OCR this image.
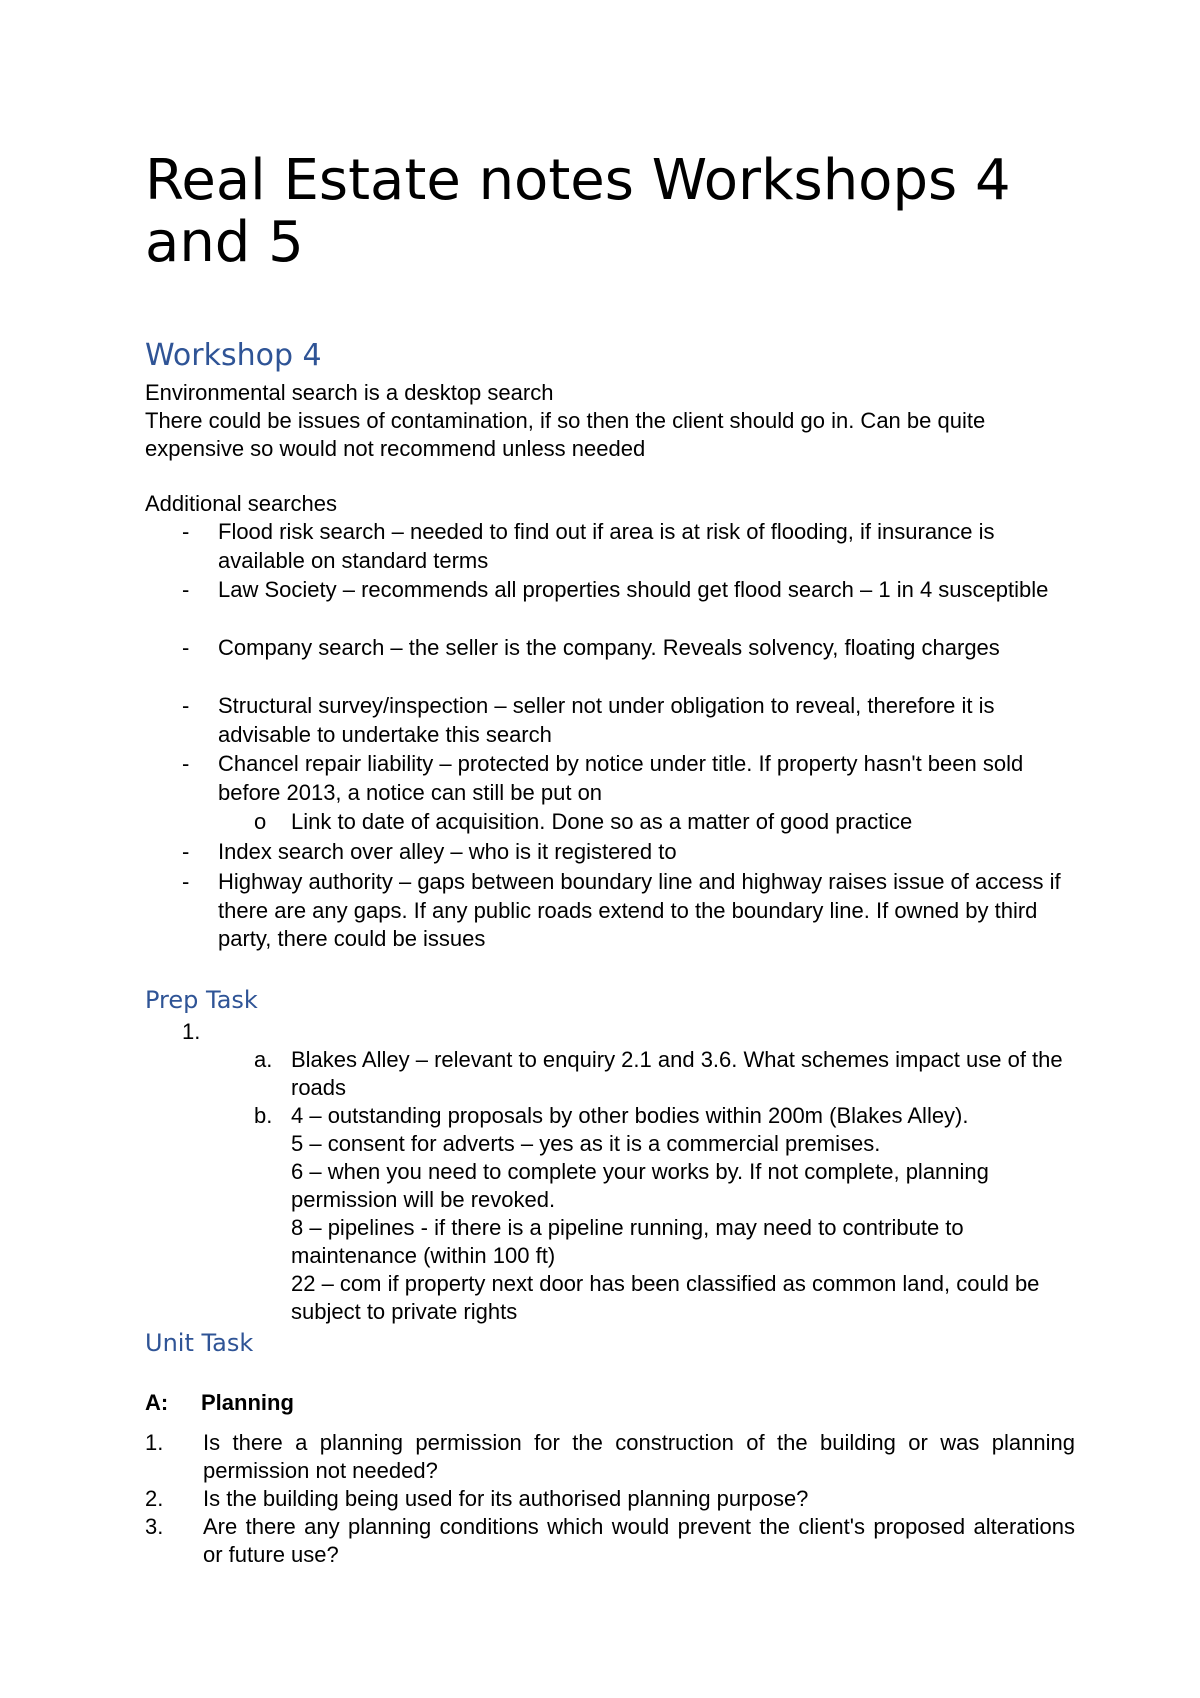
Real Estate notes Workshops 4 and 5
Workshop 4

Environmental search is a desktop search

There could be issues of contamination, if so then the client should go in. Can be quite expensive so would not recommend unless needed

Additional searches

- Flood risk search – needed to find out if area is at risk of flooding, if insurance is available on standard terms
- Law Society – recommends all properties should get flood search – 1 in 4 susceptible
- Company search – the seller is the company. Reveals solvency, floating charges
- Structural survey/inspection – seller not under obligation to reveal, therefore it is advisable to undertake this search
- Chancel repair liability – protected by notice under title. If property hasn't been sold before 2013, a notice can still be put on
o Link to date of acquisition. Done so as a matter of good practice
- Index search over alley – who is it registered to
- Highway authority – gaps between boundary line and highway raises issue of access if there are any gaps. If any public roads extend to the boundary line. If owned by third party, there could be issues
Prep Task
1.
a. Blakes Alley – relevant to enquiry 2.1 and 3.6. What schemes impact use of the roads
b. 4 – outstanding proposals by other bodies within 200m (Blakes Alley).
5 – consent for adverts – yes as it is a commercial premises.
6 – when you need to complete your works by. If not complete, planning permission will be revoked.
8 – pipelines - if there is a pipeline running, may need to contribute to maintenance (within 100 ft)
22 – com if property next door has been classified as common land, could be subject to private rights
Unit Task
A: Planning
1. Is there a planning permission for the construction of the building or was planning permission not needed?
2. Is the building being used for its authorised planning purpose?
3. Are there any planning conditions which would prevent the client's proposed alterations or future use?
